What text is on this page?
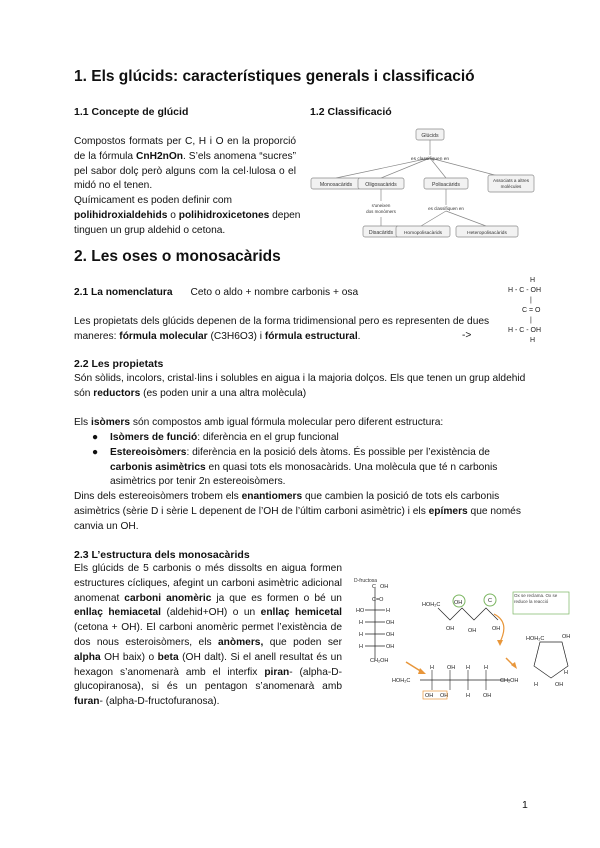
1. Els glúcids: característiques generals i classificació
1.1 Concepte de glúcid	1.2 Classificació

Compostos formats per C, H i O en la proporció de la fórmula CnH2nOn. S’els anomena “sucres” pel sabor dolç però alguns com la cel·lulosa o el midó no el tenen.

Químicament es poden definir com polihidroxialdehids o polihidroxicetones depen tinguen un grup aldehid o cetona.

Glúcids
es classifiquen en
Monosacàrids	Oligosacàrids	Polisacàrids
Associats a altres
molècules
s'uneixen
dos monòmers
es classifiquen en
Disacàrids Homopolisacàrids	Heteropolisacàrids
2. Les oses o monosacàrids
2.1 La nomenclatura Ceto o aldo + nombre carbonis + osa

Les propietats dels glúcids depenen de la forma tridimensional pero es representen de dues maneres: fórmula molecular (C3H6O3) i fórmula estructural.	->
H
H - C - OH
|
C = O
|
H - C - OH
H
2.2 Les propietats

Són sòlids, incolors, cristal·lins i solubles en aigua i la majoria dolços. Els que tenen un grup aldehid són reductors (es poden unir a una altra molècula)

Els isòmers són compostos amb igual fórmula molecular pero diferent estructura:

● Isòmers de funció: diferència en el grup funcional
● Estereoisòmers: diferència en la posició dels àtoms. És possible per l’existència de carbonis asimètrics en quasi tots els monosacàrids. Una molècula que té n carbonis asimètrics por tenir 2n estereoisòmers.

Dins dels estereoisòmers trobem els enantiomers que cambien la posició de tots els carbonis asimètrics (sèrie D i sèrie L depenent de l’OH de l’últim carboni asimètric) i els epímers que només canvia un OH.

2.3 L’estructura dels monosacàrids

Els glúcids de 5 carbonis o més dissolts en aigua formen estructures cícliques, afegint un carboni asimètric adicional anomenat carboni anomèric ja que es formen o bé un enllaç hemiacetal (aldehid+OH) o un enllaç hemicetal (cetona + OH). El carboni anomèric permet l’existència de dos nous esteroisòmers, els anòmers, que poden ser alpha OH baix) o beta (OH dalt). Si el anell resultat és un hexagon s’anomenarà amb el interfix piran- (alpha-D-glucopiranosa), si és un pentagon s’anomenarà amb furan- (alpha-D-fructofuranosa).

D-fructosa
C OH
C=O
HO	H
H	OH
H	OH
H	OH
CH₂OH
HOH₂C
OH	OH	OH
C
OH
Ox se reclama. Ox se reduce la reacció
HOH₂C
H OH H	H
OH OH	H OH
CH₂OH
HOH₂C	OH
OH
H
H
1
